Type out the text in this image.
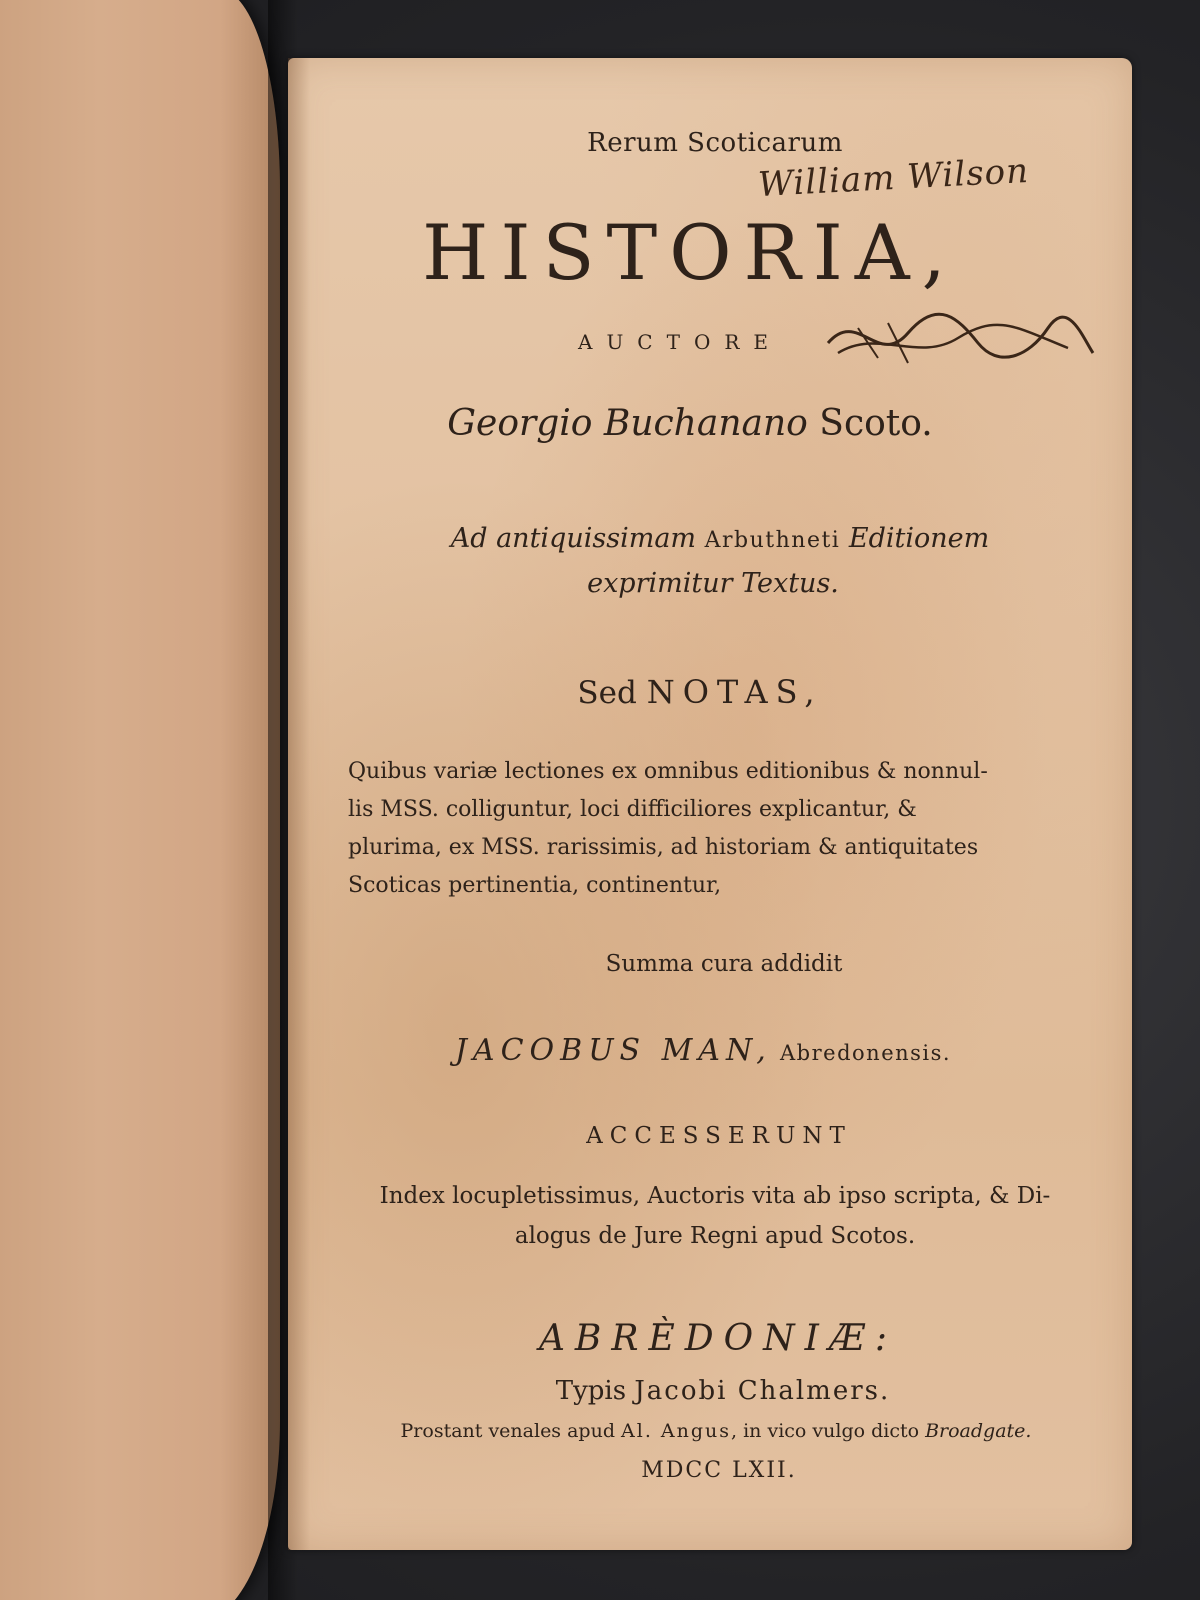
Rerum Scoticarum
HISTORIA,
William Wilson
AUCTORE
Georgio Buchanano Scoto.
Ad antiquissimam Arbuthneti Editionem
exprimitur Textus.
Sed NOTAS,
Quibus variæ lectiones ex omnibus editionibus & nonnul-
lis MSS. colliguntur, loci difficiliores explicantur, &
plurima, ex MSS. rarissimis, ad historiam & antiquitates
Scoticas pertinentia, continentur,
Summa cura addidit
JACOBUS MAN, Abredonensis.
ACCESSERUNT
Index locupletissimus, Auctoris vita ab ipso scripta, & Di-
alogus de Jure Regni apud Scotos.
ABRÈDONIÆ:
Typis Jacobi Chalmers.
Prostant venales apud Al. Angus, in vico vulgo dicto Broadgate.
MDCC LXII.
